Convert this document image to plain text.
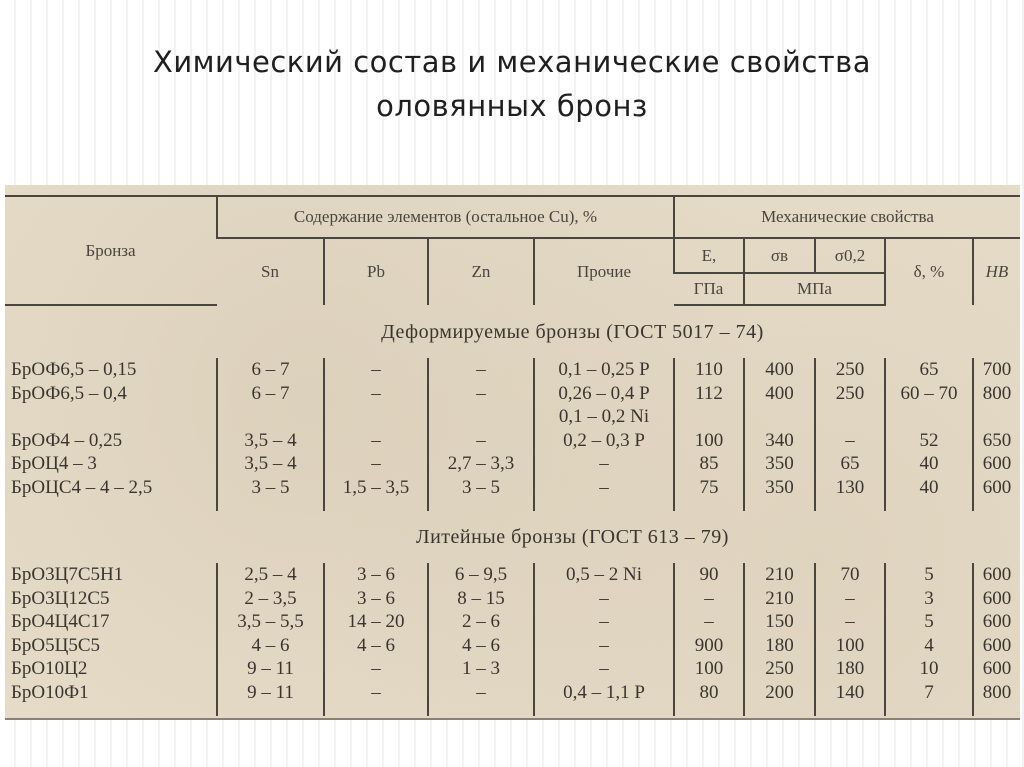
Химический состав и механические свойства
оловянных бронз
Бронза	Содержание элементов (остальное Cu), %				Механические свойства				
	Sn	Pb	Zn	Прочие	E,	σв	σ0,2	δ, %	HB
					ГПа	МПа			
Деформируемые бронзы (ГОСТ 5017 – 74)									
БрОФ6,5 – 0,15	6 – 7	–	–	0,1 – 0,25 P	110	400	250	65	700
БрОФ6,5 – 0,4	6 – 7	–	–	0,26 – 0,4 P	112	400	250	60 – 70	800
				0,1 – 0,2 Ni					
БрОФ4 – 0,25	3,5 – 4	–	–	0,2 – 0,3 P	100	340	–	52	650
БрОЦ4 – 3	3,5 – 4	–	2,7 – 3,3	–	85	350	65	40	600
БрОЦС4 – 4 – 2,5	3 – 5	1,5 – 3,5	3 – 5	–	75	350	130	40	600

Литейные бронзы (ГОСТ 613 – 79)									
БрО3Ц7С5Н1	2,5 – 4	3 – 6	6 – 9,5	0,5 – 2 Ni	90	210	70	5	600
БрО3Ц12С5	2 – 3,5	3 – 6	8 – 15	–	–	210	–	3	600
БрО4Ц4С17	3,5 – 5,5	14 – 20	2 – 6	–	–	150	–	5	600
БрО5Ц5С5	4 – 6	4 – 6	4 – 6	–	900	180	100	4	600
БрО10Ц2	9 – 11	–	1 – 3	–	100	250	180	10	600
БрО10Ф1	9 – 11	–	–	0,4 – 1,1 P	80	200	140	7	800
